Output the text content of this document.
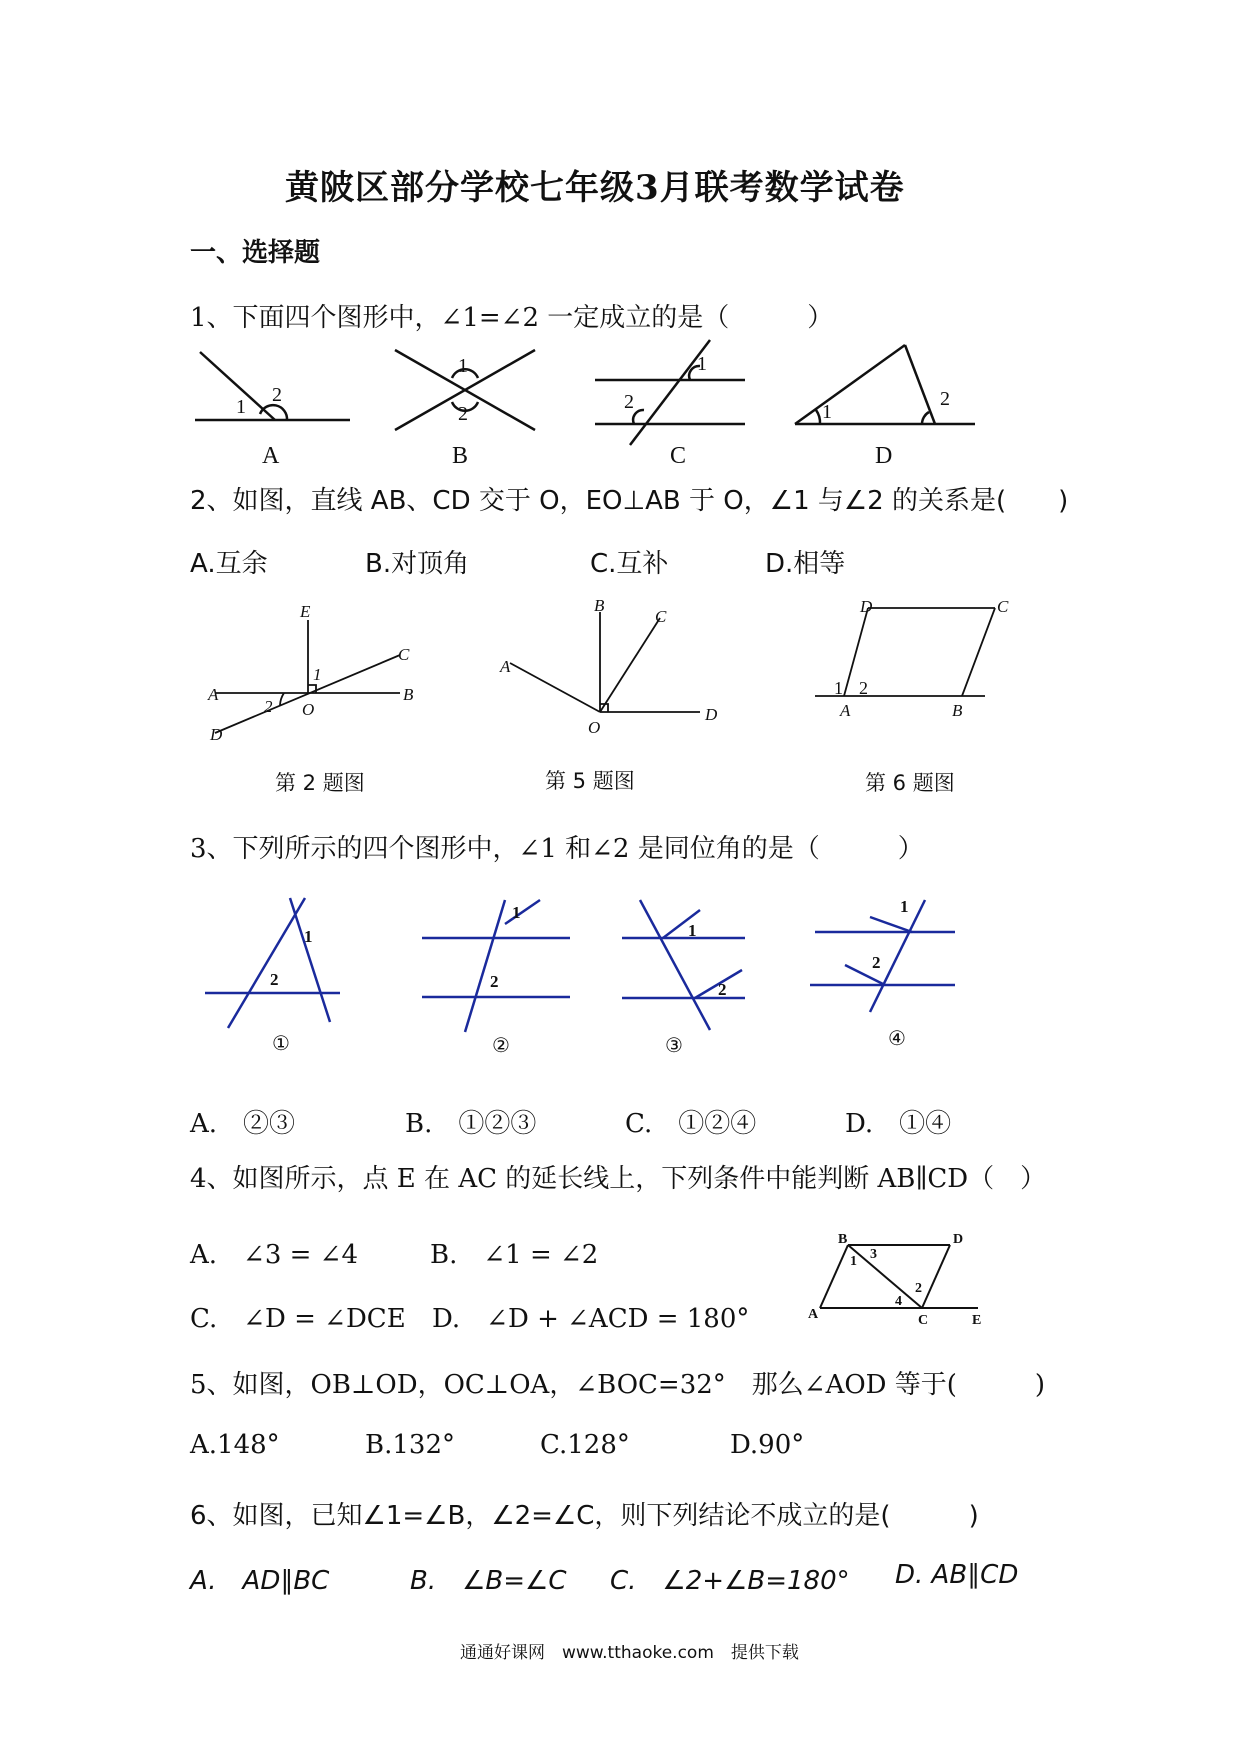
黄陂区部分学校七年级3月联考数学试卷
一、选择题
1、下面四个图形中，∠1=∠2 一定成立的是（　　　）
1
2
1
2
1
2	1
2
A	B	C	D
2、如图，直线 AB、CD 交于 O，EO⊥AB 于 O，∠1 与∠2 的关系是(　　)
A.互余	B.对顶角	C.互补	D.相等
E
A	B
C
D
O
1
2
A
B
C
O
D
D	C
A	B
1 2
第 2 题图	第 5 题图	第 6 题图
3、下列所示的四个图形中，∠1 和∠2 是同位角的是（　　　）
1
2
1
2
1
2
1
2
①	②	③	④
A.　②③	B.　①②③	C.　①②④	D.　①④
4、如图所示，点 E 在 AC 的延长线上，下列条件中能判断 AB∥CD（　）
A.　∠3 = ∠4	B.　∠1 = ∠2
C.　∠D = ∠DCE D.　∠D + ∠ACD = 180°
B	D
A	C	E
3
1
2
4
5、如图，OB⊥OD，OC⊥OA，∠BOC=32°　那么∠AOD 等于(　　　)
A.148°	B.132°	C.128°	D.90°
6、如图，已知∠1=∠B，∠2=∠C，则下列结论不成立的是(　　　)
A.　AD∥BC	B.　∠B=∠C C.　∠2+∠B=180° D. AB∥CD
通通好课网　www.tthaoke.com　提供下载
